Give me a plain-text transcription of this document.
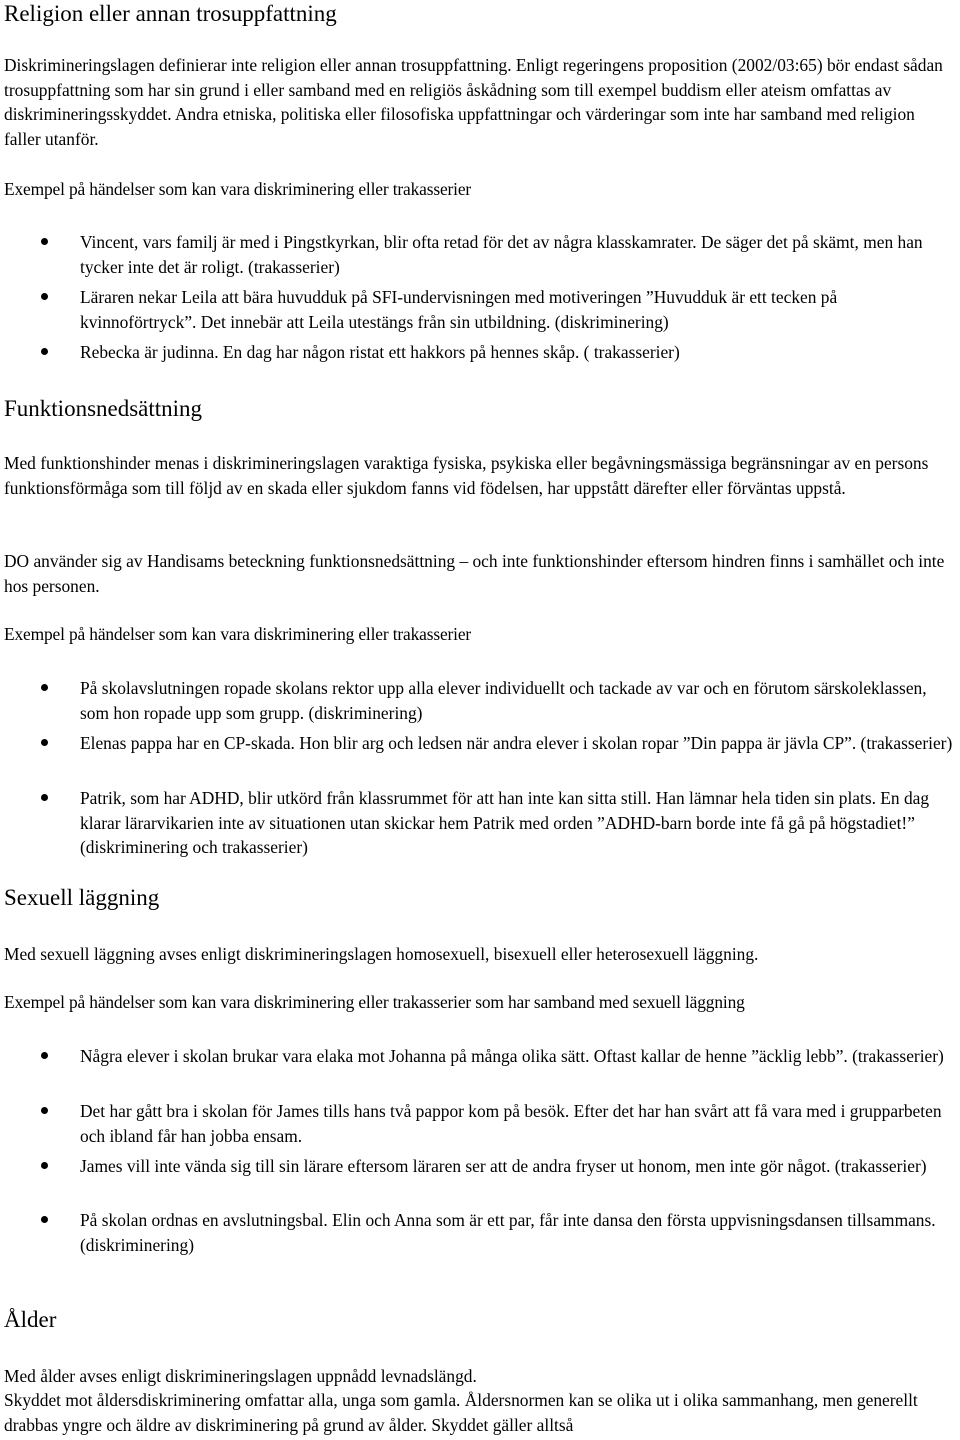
Religion eller annan trosuppfattning

Diskrimineringslagen definierar inte religion eller annan trosuppfattning. Enligt regeringens proposition (2002/03:65) bör endast sådan trosuppfattning som har sin grund i eller samband med en religiös åskådning som till exempel buddism eller ateism omfattas av diskrimineringsskyddet. Andra etniska, politiska eller filosofiska uppfattningar och värderingar som inte har samband med religion faller utanför.

Exempel på händelser som kan vara diskriminering eller trakasserier

Vincent, vars familj är med i Pingstkyrkan, blir ofta retad för det av några klasskamrater. De säger det på skämt, men han tycker inte det är roligt. (trakasserier)
Läraren nekar Leila att bära huvudduk på SFI-undervisningen med motiveringen ”Huvudduk är ett tecken på kvinnoförtryck”. Det innebär att Leila utestängs från sin utbildning. (diskriminering)
Rebecka är judinna. En dag har någon ristat ett hakkors på hennes skåp. ( trakasserier)
Funktionsnedsättning

Med funktionshinder menas i diskrimineringslagen varaktiga fysiska, psykiska eller begåvningsmässiga begränsningar av en persons funktionsförmåga som till följd av en skada eller sjukdom fanns vid födelsen, har uppstått därefter eller förväntas uppstå.

DO använder sig av Handisams beteckning funktionsnedsättning – och inte funktionshinder eftersom hindren finns i samhället och inte hos personen.

Exempel på händelser som kan vara diskriminering eller trakasserier

På skolavslutningen ropade skolans rektor upp alla elever individuellt och tackade av var och en förutom särskoleklassen, som hon ropade upp som grupp. (diskriminering)
Elenas pappa har en CP-skada. Hon blir arg och ledsen när andra elever i skolan ropar ”Din pappa är jävla CP”. (trakasserier)
Patrik, som har ADHD, blir utkörd från klassrummet för att han inte kan sitta still. Han lämnar hela tiden sin plats. En dag klarar lärarvikarien inte av situationen utan skickar hem Patrik med orden ”ADHD-barn borde inte få gå på högstadiet!” (diskriminering och trakasserier)
Sexuell läggning

Med sexuell läggning avses enligt diskrimineringslagen homosexuell, bisexuell eller heterosexuell läggning.

Exempel på händelser som kan vara diskriminering eller trakasserier som har samband med sexuell läggning

Några elever i skolan brukar vara elaka mot Johanna på många olika sätt. Oftast kallar de henne ”äcklig lebb”. (trakasserier)
Det har gått bra i skolan för James tills hans två pappor kom på besök. Efter det har han svårt att få vara med i grupparbeten och ibland får han jobba ensam.
James vill inte vända sig till sin lärare eftersom läraren ser att de andra fryser ut honom, men inte gör något. (trakasserier)
På skolan ordnas en avslutningsbal. Elin och Anna som är ett par, får inte dansa den första uppvisningsdansen tillsammans. (diskriminering)
Ålder

Med ålder avses enligt diskrimineringslagen uppnådd levnadslängd.

Skyddet mot åldersdiskriminering omfattar alla, unga som gamla. Åldersnormen kan se olika ut i olika sammanhang, men generellt drabbas yngre och äldre av diskriminering på grund av ålder. Skyddet gäller alltså
